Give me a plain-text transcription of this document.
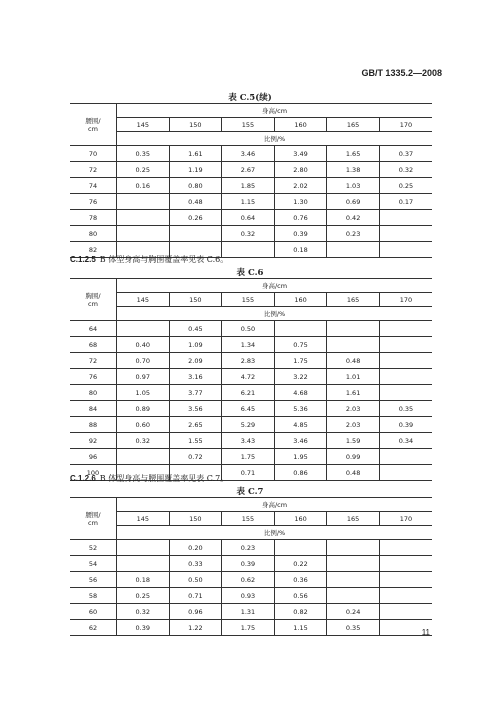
GB/T 1335.2—2008
表 C.5(续)
腰围/
cm	身高/cm					
	145	150	155	160	165	170
	比例/%					
70	0.35	1.61	3.46	3.49	1.65	0.37
72	0.25	1.19	2.67	2.80	1.38	0.32
74	0.16	0.80	1.85	2.02	1.03	0.25
76		0.48	1.15	1.30	0.69	0.17
78		0.26	0.64	0.76	0.42	
80			0.32	0.39	0.23	
82				0.18		
C.1.2.5 B 体型身高与胸围覆盖率见表 C.6。
表 C.6
胸围/
cm	身高/cm					
	145	150	155	160	165	170
	比例/%					
64		0.45	0.50			
68	0.40	1.09	1.34	0.75		
72	0.70	2.09	2.83	1.75	0.48	
76	0.97	3.16	4.72	3.22	1.01	
80	1.05	3.77	6.21	4.68	1.61	
84	0.89	3.56	6.45	5.36	2.03	0.35
88	0.60	2.65	5.29	4.85	2.03	0.39
92	0.32	1.55	3.43	3.46	1.59	0.34
96		0.72	1.75	1.95	0.99	
100			0.71	0.86	0.48	
C.1.2.6 B 体型身高与腰围覆盖率见表 C.7。
表 C.7
腰围/
cm	身高/cm					
	145	150	155	160	165	170
	比例/%					
52		0.20	0.23			
54		0.33	0.39	0.22		
56	0.18	0.50	0.62	0.36		
58	0.25	0.71	0.93	0.56		
60	0.32	0.96	1.31	0.82	0.24	
62	0.39	1.22	1.75	1.15	0.35	
11
